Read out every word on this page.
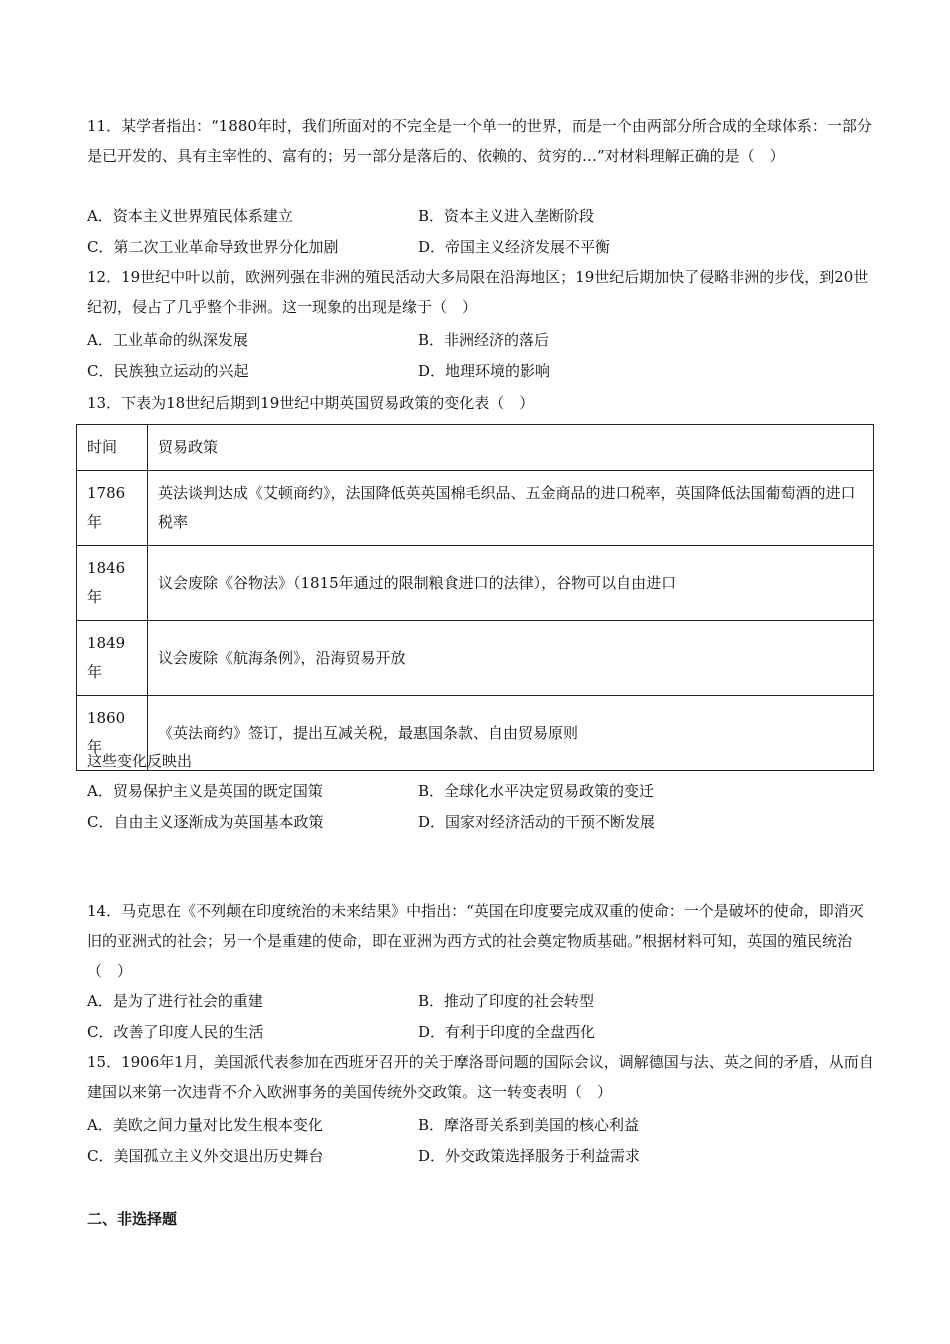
11．某学者指出：“1880年时，我们所面对的不完全是一个单一的世界，而是一个由两部分所合成的全球体系：一部分是已开发的、具有主宰性的、富有的；另一部分是落后的、依赖的、贫穷的…”对材料理解正确的是（　）
A．资本主义世界殖民体系建立	B．资本主义进入垄断阶段
C．第二次工业革命导致世界分化加剧	D．帝国主义经济发展不平衡
12．19世纪中叶以前，欧洲列强在非洲的殖民活动大多局限在沿海地区；19世纪后期加快了侵略非洲的步伐，到20世纪初，侵占了几乎整个非洲。这一现象的出现是缘于（　）
A．工业革命的纵深发展	B．非洲经济的落后
C．民族独立运动的兴起	D．地理环境的影响
13．下表为18世纪后期到19世纪中期英国贸易政策的变化表（　）
时间	贸易政策
1786年	英法谈判达成《艾顿商约》，法国降低英英国棉毛织品、五金商品的进口税率，英国降低法国葡萄酒的进口税率
1846年	议会废除《谷物法》（1815年通过的限制粮食进口的法律），谷物可以自由进口
1849年	议会废除《航海条例》，沿海贸易开放
1860年	《英法商约》签订，提出互减关税，最惠国条款、自由贸易原则
这些变化反映出
A．贸易保护主义是英国的既定国策	B．全球化水平决定贸易政策的变迁
C．自由主义逐渐成为英国基本政策	D．国家对经济活动的干预不断发展
14．马克思在《不列颠在印度统治的未来结果》中指出：“英国在印度要完成双重的使命：一个是破坏的使命，即消灭旧的亚洲式的社会；另一个是重建的使命，即在亚洲为西方式的社会奠定物质基础。”根据材料可知，英国的殖民统治（　）
A．是为了进行社会的重建	B．推动了印度的社会转型
C．改善了印度人民的生活	D．有利于印度的全盘西化
15．1906年1月，美国派代表参加在西班牙召开的关于摩洛哥问题的国际会议，调解德国与法、英之间的矛盾，从而自建国以来第一次违背不介入欧洲事务的美国传统外交政策。这一转变表明（　）
A．美欧之间力量对比发生根本变化	B．摩洛哥关系到美国的核心利益
C．美国孤立主义外交退出历史舞台	D．外交政策选择服务于利益需求
二、非选择题
